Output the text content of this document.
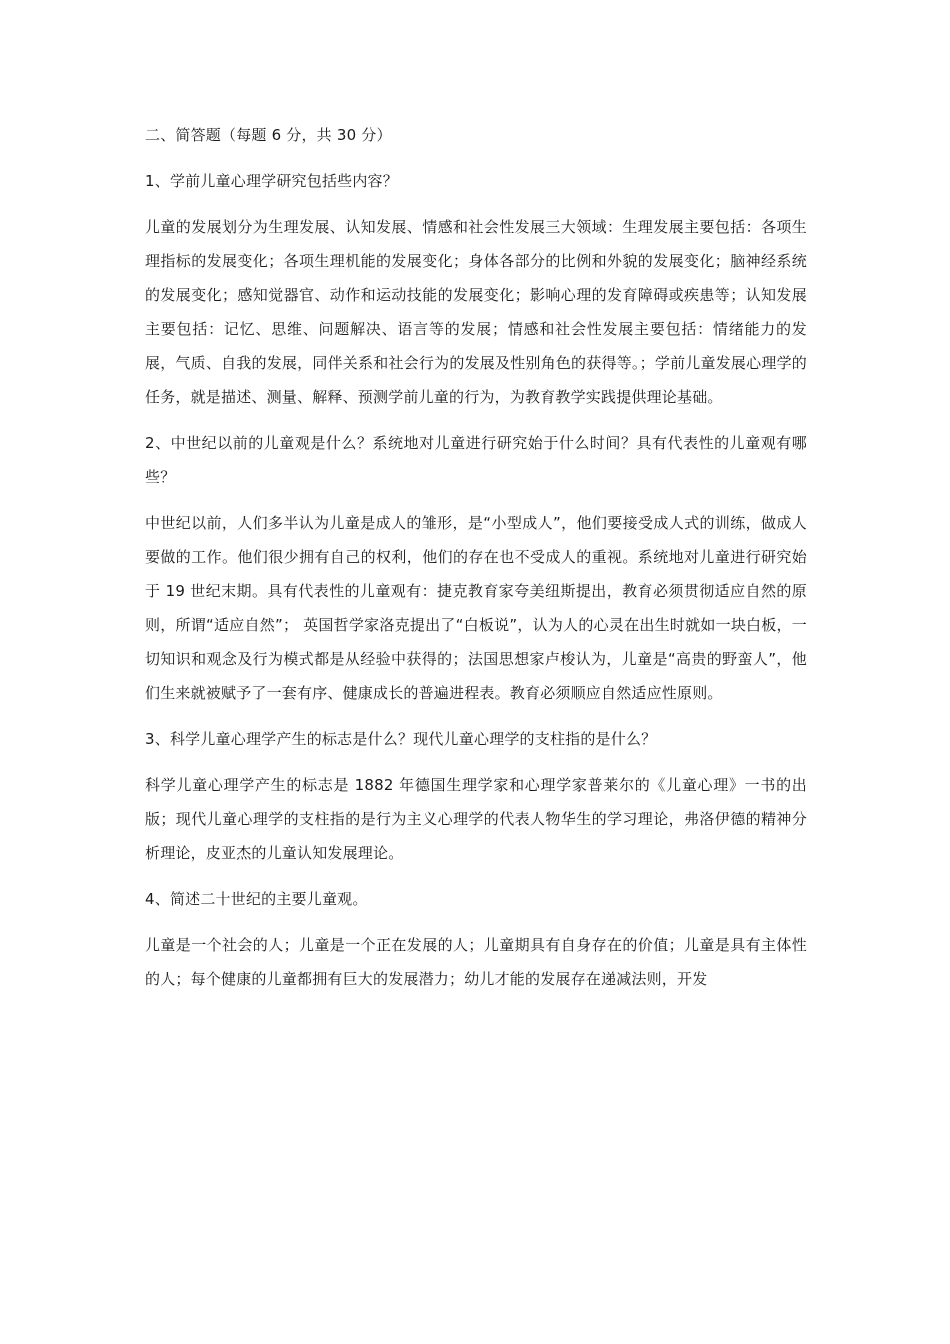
二、简答题（每题 6 分，共 30 分）

1、学前儿童心理学研究包括些内容？

儿童的发展划分为生理发展、认知发展、情感和社会性发展三大领域：生理发展主要包括：各项生理指标的发展变化；各项生理机能的发展变化；身体各部分的比例和外貌的发展变化；脑神经系统的发展变化；感知觉器官、动作和运动技能的发展变化；影响心理的发育障碍或疾患等；认知发展主要包括：记忆、思维、问题解决、语言等的发展；情感和社会性发展主要包括：情绪能力的发展，气质、自我的发展，同伴关系和社会行为的发展及性别角色的获得等。；学前儿童发展心理学的任务，就是描述、测量、解释、预测学前儿童的行为，为教育教学实践提供理论基础。

2、中世纪以前的儿童观是什么？系统地对儿童进行研究始于什么时间？具有代表性的儿童观有哪些？

中世纪以前，人们多半认为儿童是成人的雏形，是“小型成人”，他们要接受成人式的训练，做成人要做的工作。他们很少拥有自己的权利，他们的存在也不受成人的重视。系统地对儿童进行研究始于 19 世纪末期。具有代表性的儿童观有：捷克教育家夸美纽斯提出，教育必须贯彻适应自然的原则，所谓“适应自然”； 英国哲学家洛克提出了“白板说”，认为人的心灵在出生时就如一块白板，一切知识和观念及行为模式都是从经验中获得的；法国思想家卢梭认为，儿童是“高贵的野蛮人”，他们生来就被赋予了一套有序、健康成长的普遍进程表。教育必须顺应自然适应性原则。

3、科学儿童心理学产生的标志是什么？现代儿童心理学的支柱指的是什么？

科学儿童心理学产生的标志是 1882 年德国生理学家和心理学家普莱尔的《儿童心理》一书的出版；现代儿童心理学的支柱指的是行为主义心理学的代表人物华生的学习理论，弗洛伊德的精神分析理论，皮亚杰的儿童认知发展理论。

4、简述二十世纪的主要儿童观。

儿童是一个社会的人；儿童是一个正在发展的人；儿童期具有自身存在的价值；儿童是具有主体性的人；每个健康的儿童都拥有巨大的发展潜力；幼儿才能的发展存在递减法则，开发
